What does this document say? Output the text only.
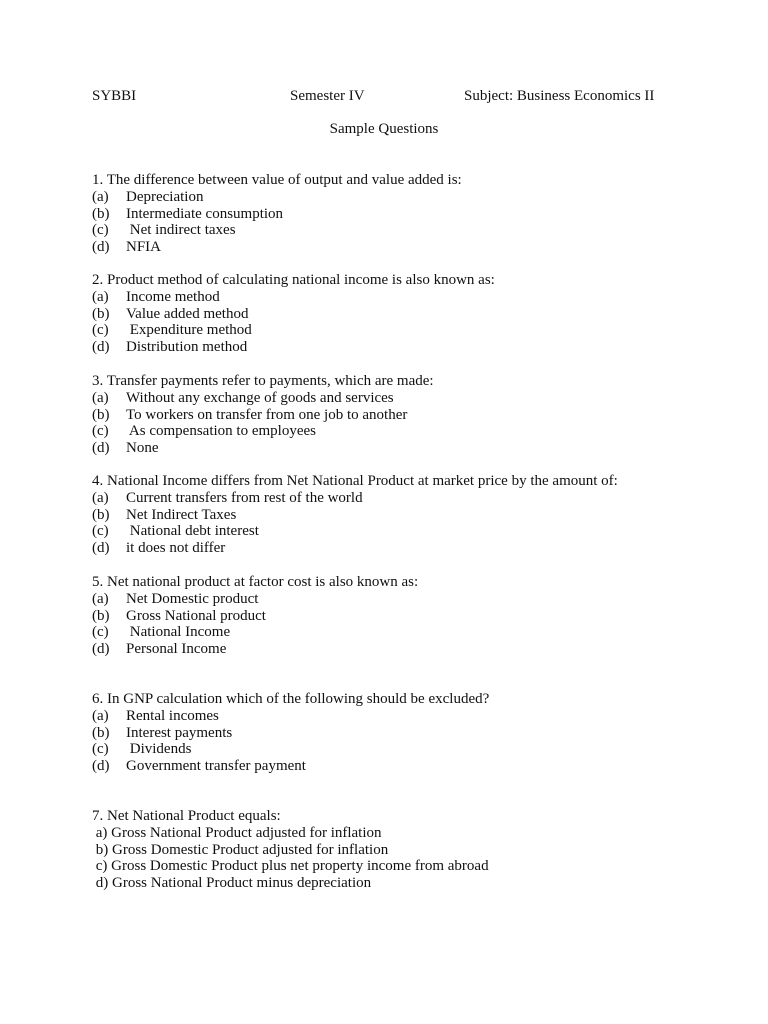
SYBBI	Semester IV	Subject: Business Economics II
Sample Questions
1. The difference between value of output and value added is:
(a) Depreciation
(b) Intermediate consumption
(c) Net indirect taxes
(d) NFIA
2. Product method of calculating national income is also known as:
(a) Income method
(b) Value added method
(c) Expenditure method
(d) Distribution method
3. Transfer payments refer to payments, which are made:
(a) Without any exchange of goods and services
(b) To workers on transfer from one job to another
(c) As compensation to employees
(d) None
4. National Income differs from Net National Product at market price by the amount of:
(a) Current transfers from rest of the world
(b) Net Indirect Taxes
(c) National debt interest
(d) it does not differ
5. Net national product at factor cost is also known as:
(a) Net Domestic product
(b) Gross National product
(c) National Income
(d) Personal Income
6. In GNP calculation which of the following should be excluded?
(a) Rental incomes
(b) Interest payments
(c) Dividends
(d) Government transfer payment
7. Net National Product equals:
a) Gross National Product adjusted for inflation
b) Gross Domestic Product adjusted for inflation
c) Gross Domestic Product plus net property income from abroad
d) Gross National Product minus depreciation
